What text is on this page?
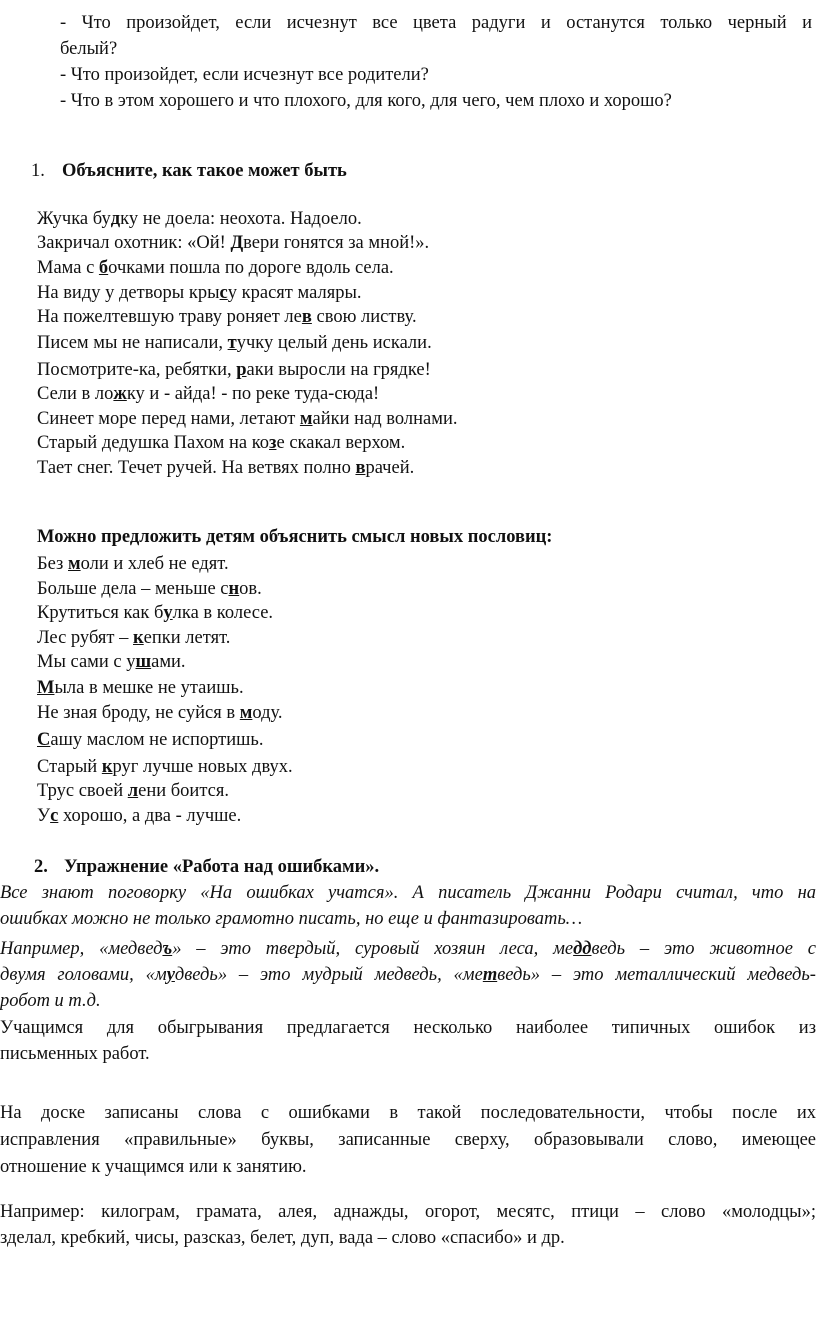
- Что произойдет, если исчезнут все цвета радуги и останутся только черный и
белый?
- Что произойдет, если исчезнут все родители?
- Что в этом хорошего и что плохого, для кого, для чего, чем плохо и хорошо?
1. Объясните, как такое может быть
Жучка будку не доела: неохота. Надоело.
Закричал охотник: «Ой! Двери гонятся за мной!».
Мама с бочками пошла по дороге вдоль села.
На виду у детворы крысу красят маляры.
На пожелтевшую траву роняет лев свою листву.
Писем мы не написали, тучку целый день искали.
Посмотрите-ка, ребятки, раки выросли на грядке!
Сели в ложку и - айда! - по реке туда-сюда!
Синеет море перед нами, летают майки над волнами.
Старый дедушка Пахом на козе скакал верхом.
Тает снег. Течет ручей. На ветвях полно врачей.
Можно предложить детям объяснить смысл новых пословиц:
Без моли и хлеб не едят.
Больше дела – меньше снов.
Крутиться как булка в колесе.
Лес рубят – кепки летят.
Мы сами с ушами.
Мыла в мешке не утаишь.
Не зная броду, не суйся в моду.
Сашу маслом не испортишь.
Старый круг лучше новых двух.
Трус своей лени боится.
Ус хорошо, а два - лучше.
2. Упражнение «Работа над ошибками».
Все знают поговорку «На ошибках учатся». А писатель Джанни Родари считал, что на
ошибках можно не только грамотно писать, но еще и фантазировать…
Например, «медведъ» – это твердый, суровый хозяин леса, меддведь – это животное с
двумя головами, «мудведь» – это мудрый медведь, «метведь» – это металлический медведь-
робот и т.д.
Учащимся для обыгрывания предлагается несколько наиболее типичных ошибок из
письменных работ.
На доске записаны слова с ошибками в такой последовательности, чтобы после их
исправления «правильные» буквы, записанные сверху, образовывали слово, имеющее
отношение к учащимся или к занятию.
Например: килограм, грамата, алея, аднажды, огорот, месятс, птици – слово «молодцы»;
зделал, кребкий, чисы, разсказ, белет, дуп, вада – слово «спасибо» и др.
